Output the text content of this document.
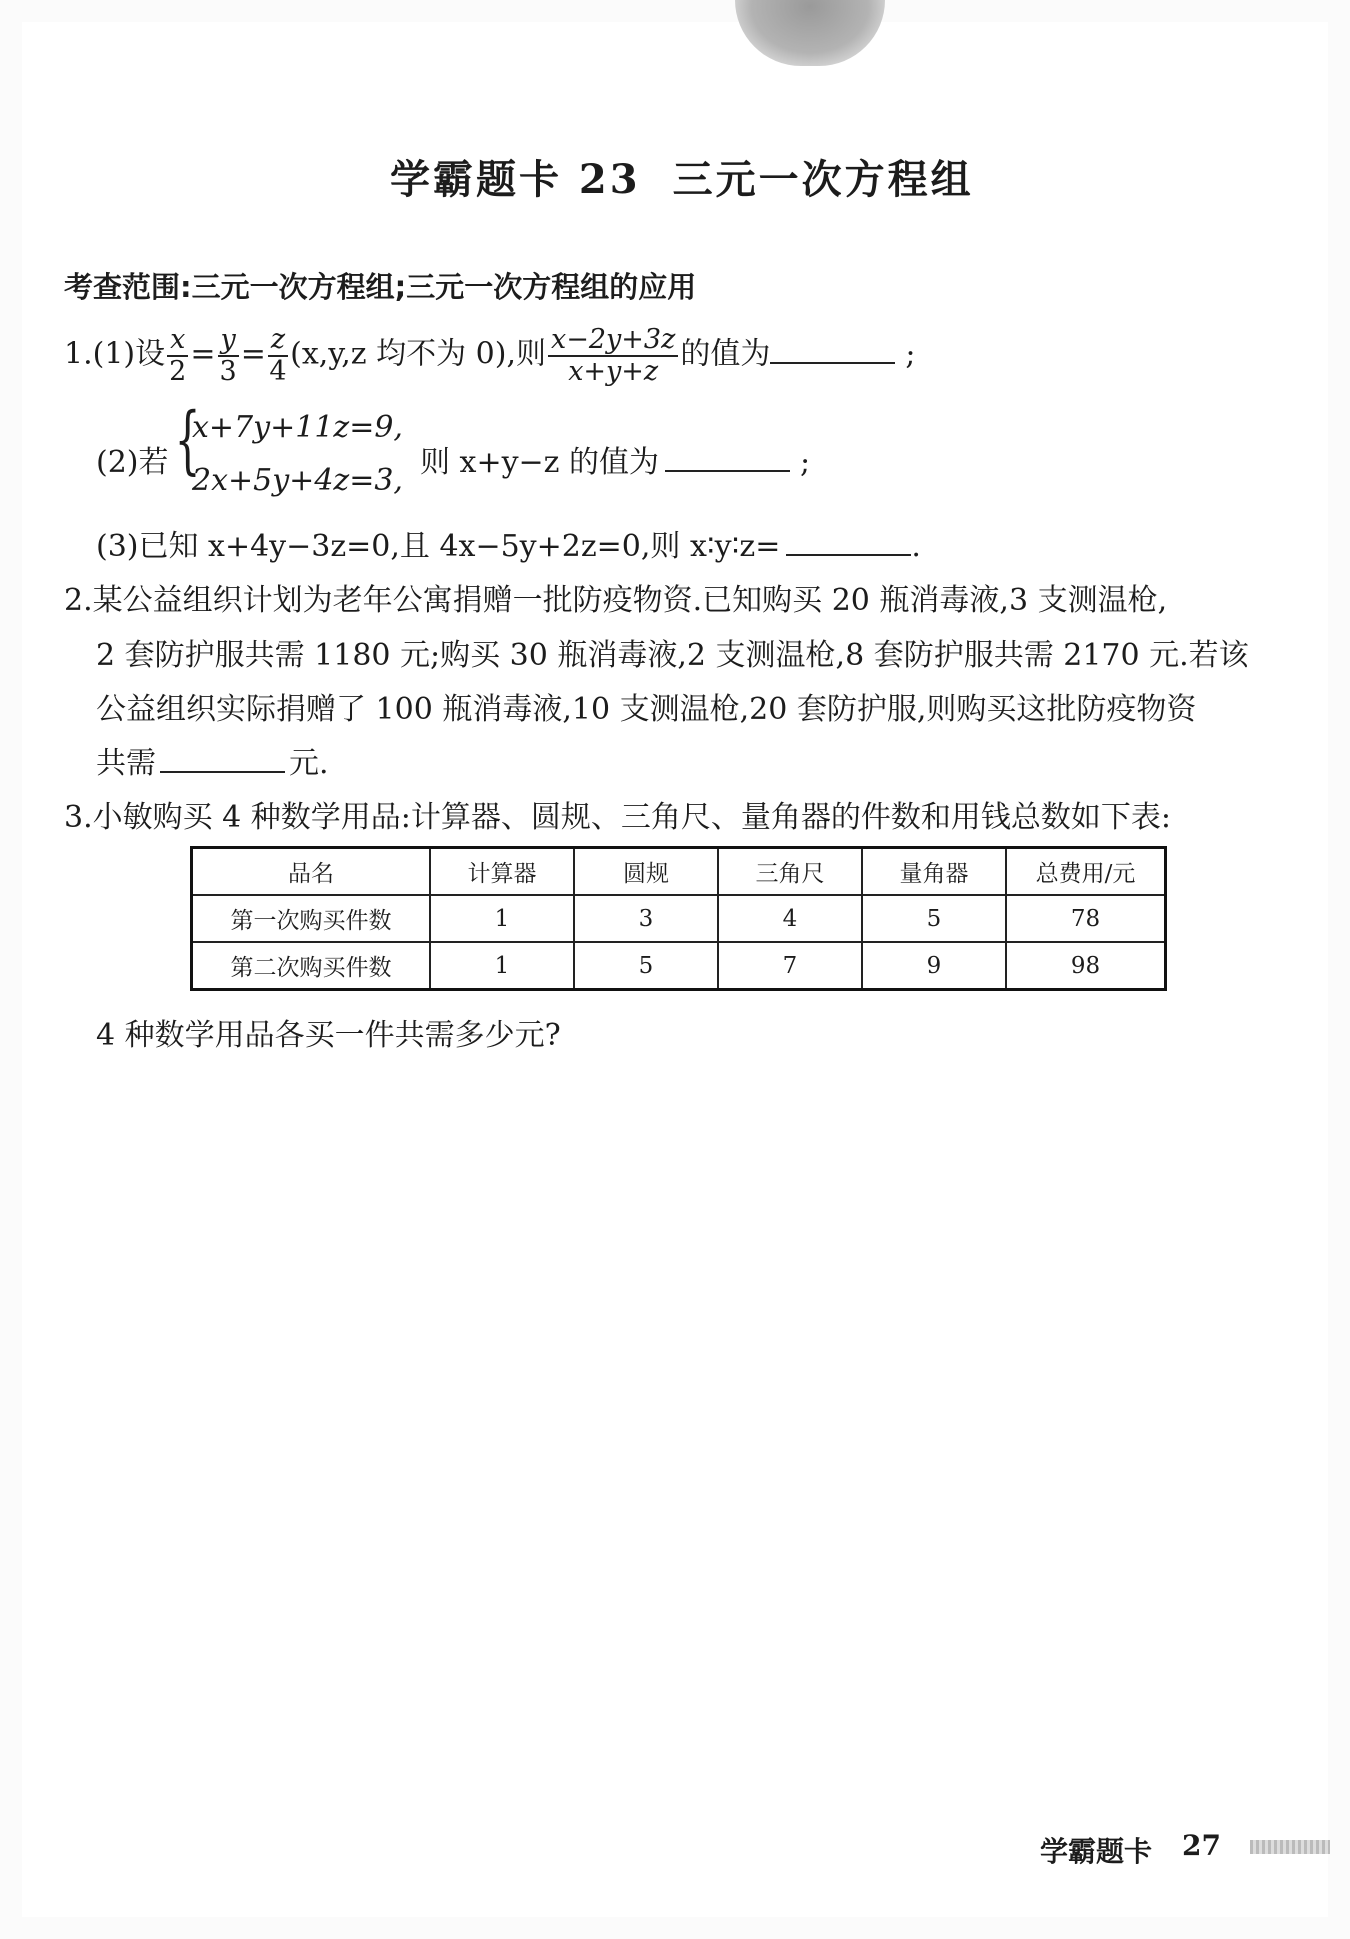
学霸题卡 23 三元一次方程组
考查范围:三元一次方程组;三元一次方程组的应用
1.(1)设 $\frac{x}{2} = \frac{y}{3} = \frac{z}{4} (x,y,z$ 均不为 0),则 $\frac{x-2y+3z}{x+y+z}$ 的值为	;
(2)若 {
x+7y+11z=9,
2x+5y+4z=3,
则 x+y−z 的值为	;
(3)已知 x+4y−3z=0,且 4x−5y+2z=0,则 x∶y∶z=	.
2.某公益组织计划为老年公寓捐赠一批防疫物资.已知购买 20 瓶消毒液,3 支测温枪,
2 套防护服共需 1180 元;购买 30 瓶消毒液,2 支测温枪,8 套防护服共需 2170 元.若该
公益组织实际捐赠了 100 瓶消毒液,10 支测温枪,20 套防护服,则购买这批防疫物资
共需	元.
3.小敏购买 4 种数学用品:计算器、圆规、三角尺、量角器的件数和用钱总数如下表:
品名	计算器	圆规	三角尺	量角器	总费用/元
第一次购买件数	1	3	4	5	78
第二次购买件数	1	5	7	9	98
4 种数学用品各买一件共需多少元?
学霸题卡 27
